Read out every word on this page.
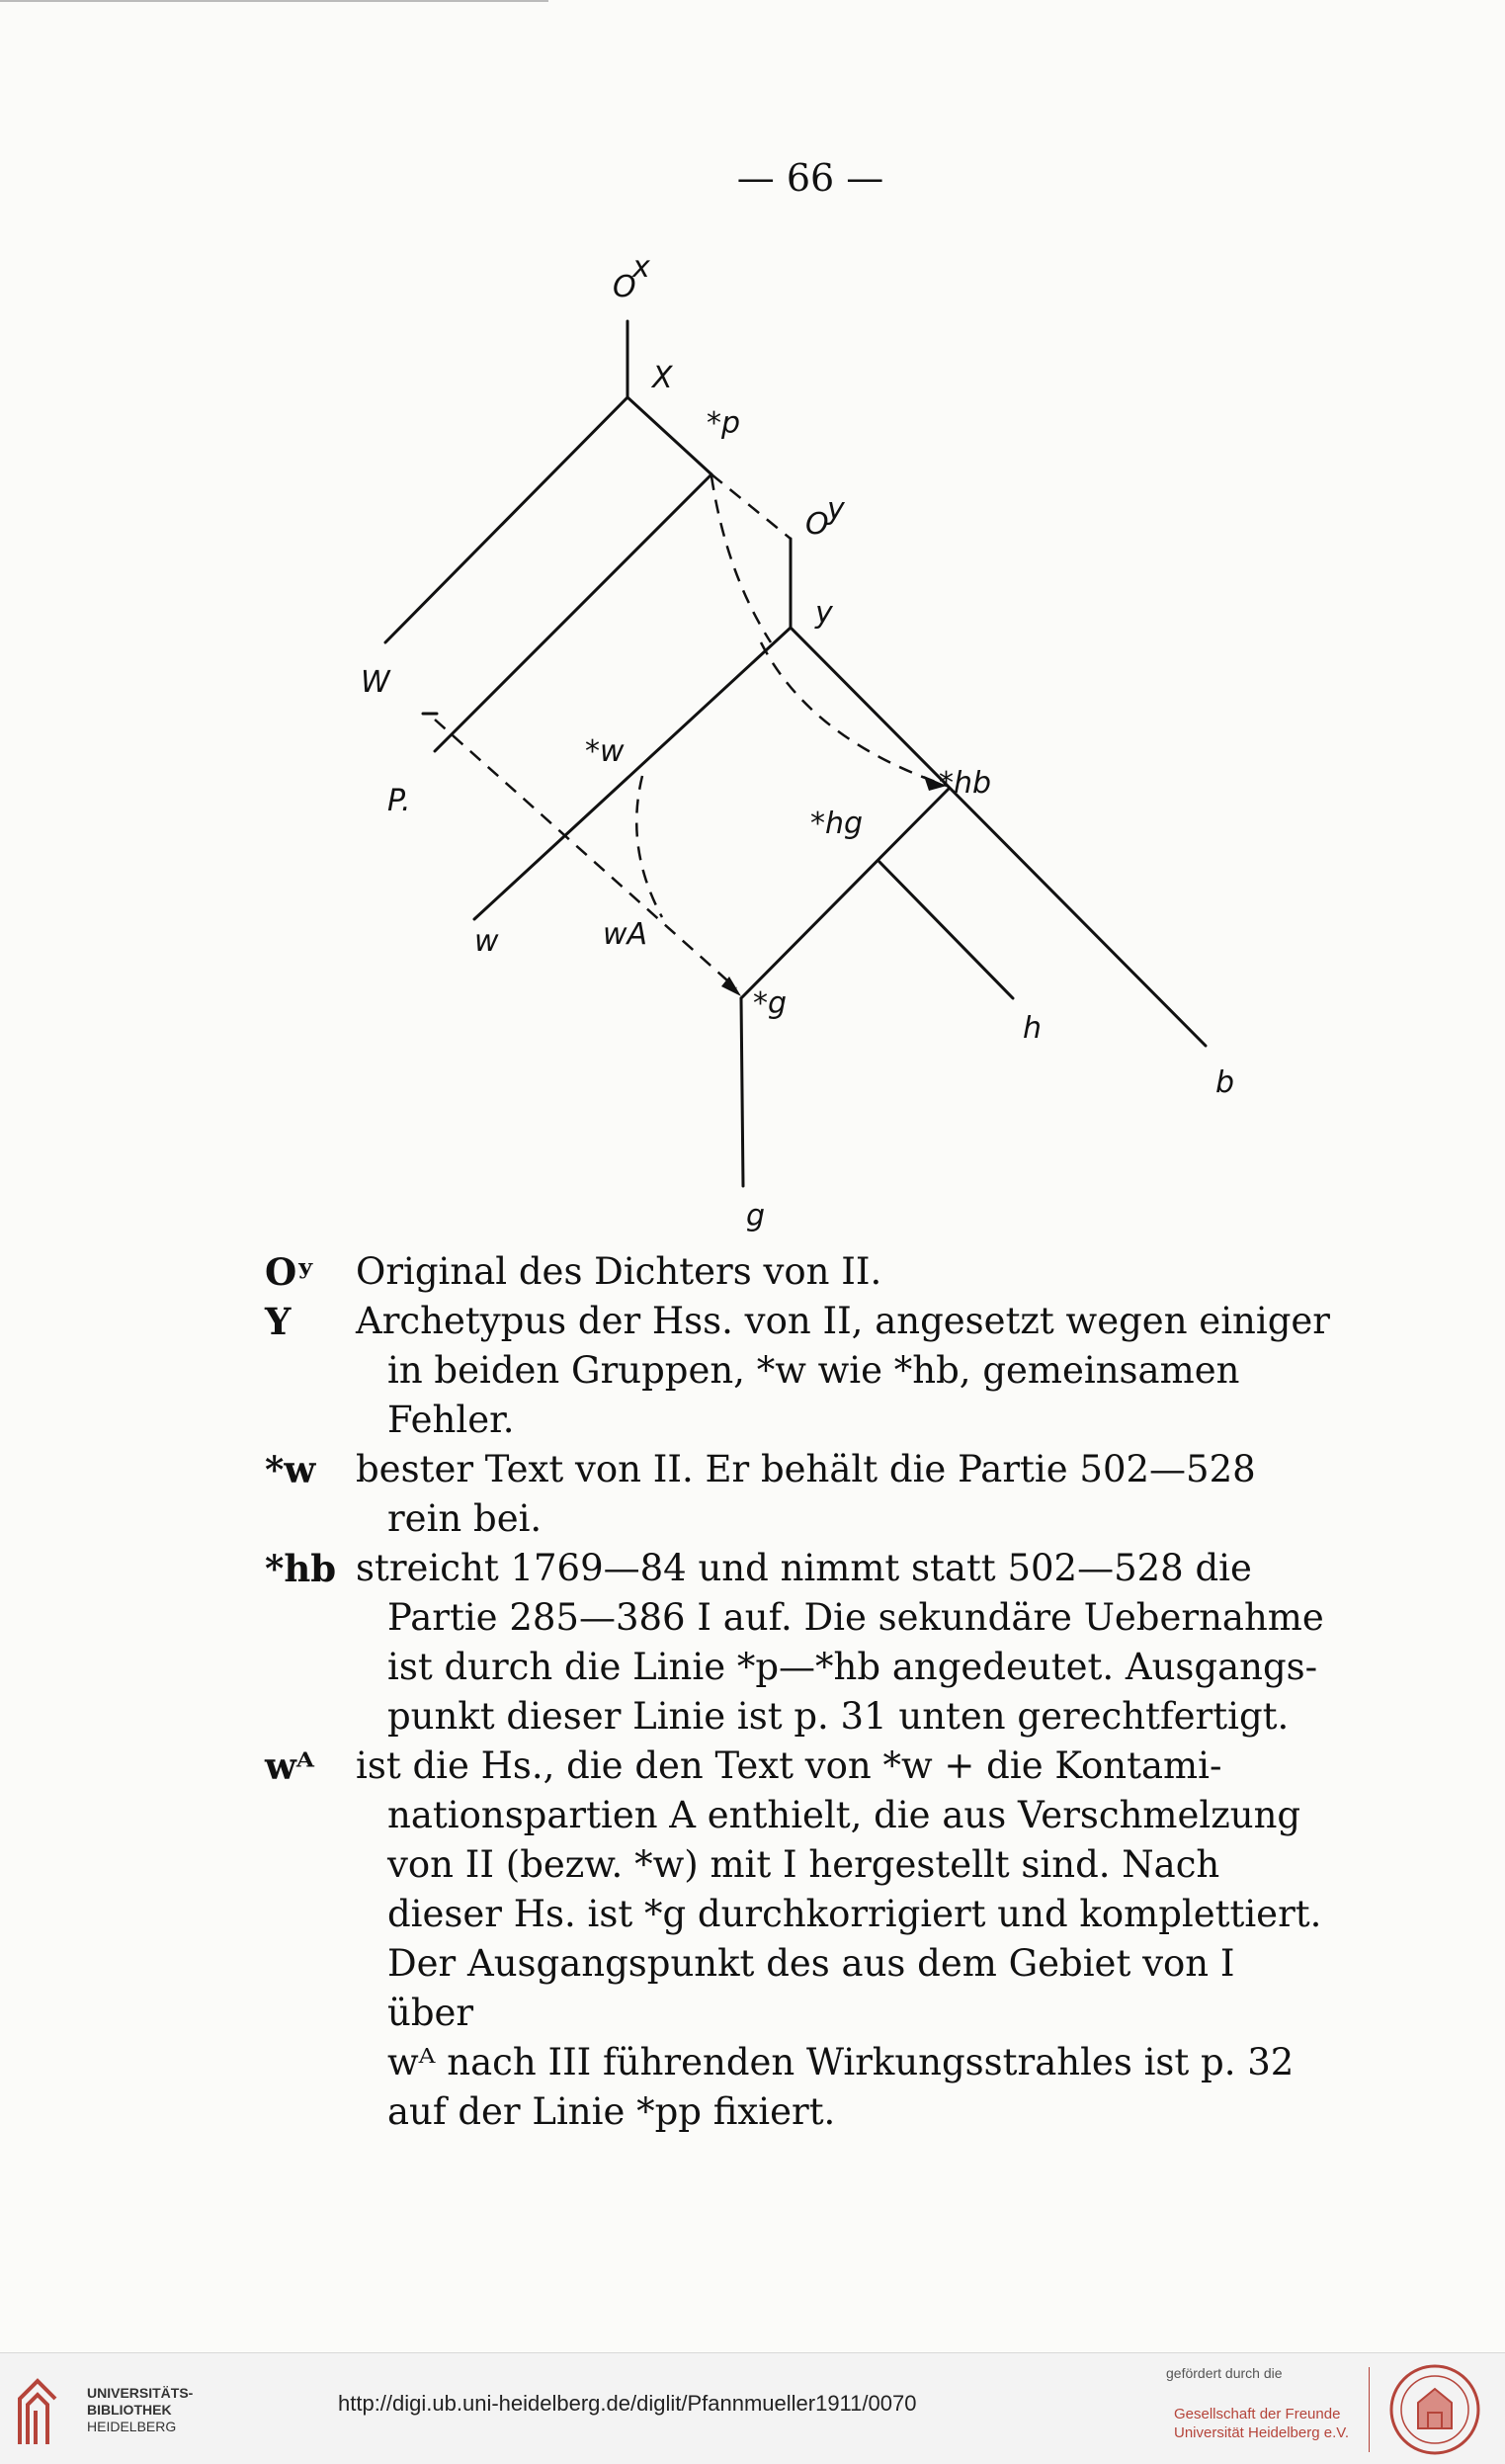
— 66 —
O
x
X
*p
O
y
y
W
P.
*w
*hb
*hg
wA
w
*g
h
b
g
Oʸ	Original des Dichters von II.
Y	Archetypus der Hss. von II, angesetzt wegen einiger
in beiden Gruppen, *w wie *hb, gemeinsamen Fehler.
*w	bester Text von II. Er behält die Partie 502—528
rein bei.
*hb streicht 1769—84 und nimmt statt 502—528 die
Partie 285—386 I auf. Die sekundäre Uebernahme
ist durch die Linie *p—*hb angedeutet. Ausgangs-
punkt dieser Linie ist p. 31 unten gerechtfertigt.
wᴬ	ist die Hs., die den Text von *w + die Kontami-
nationspartien A enthielt, die aus Verschmelzung
von II (bezw. *w) mit I hergestellt sind. Nach
dieser Hs. ist *g durchkorrigiert und komplettiert.
Der Ausgangspunkt des aus dem Gebiet von I über
wᴬ nach III führenden Wirkungsstrahles ist p. 32
auf der Linie *pp fixiert.
UNIVERSITÄTS-
BIBLIOTHEK
HEIDELBERG
http://digi.ub.uni-heidelberg.de/diglit/Pfannmueller1911/0070
gefördert durch die
Gesellschaft der Freunde
Universität Heidelberg e.V.
